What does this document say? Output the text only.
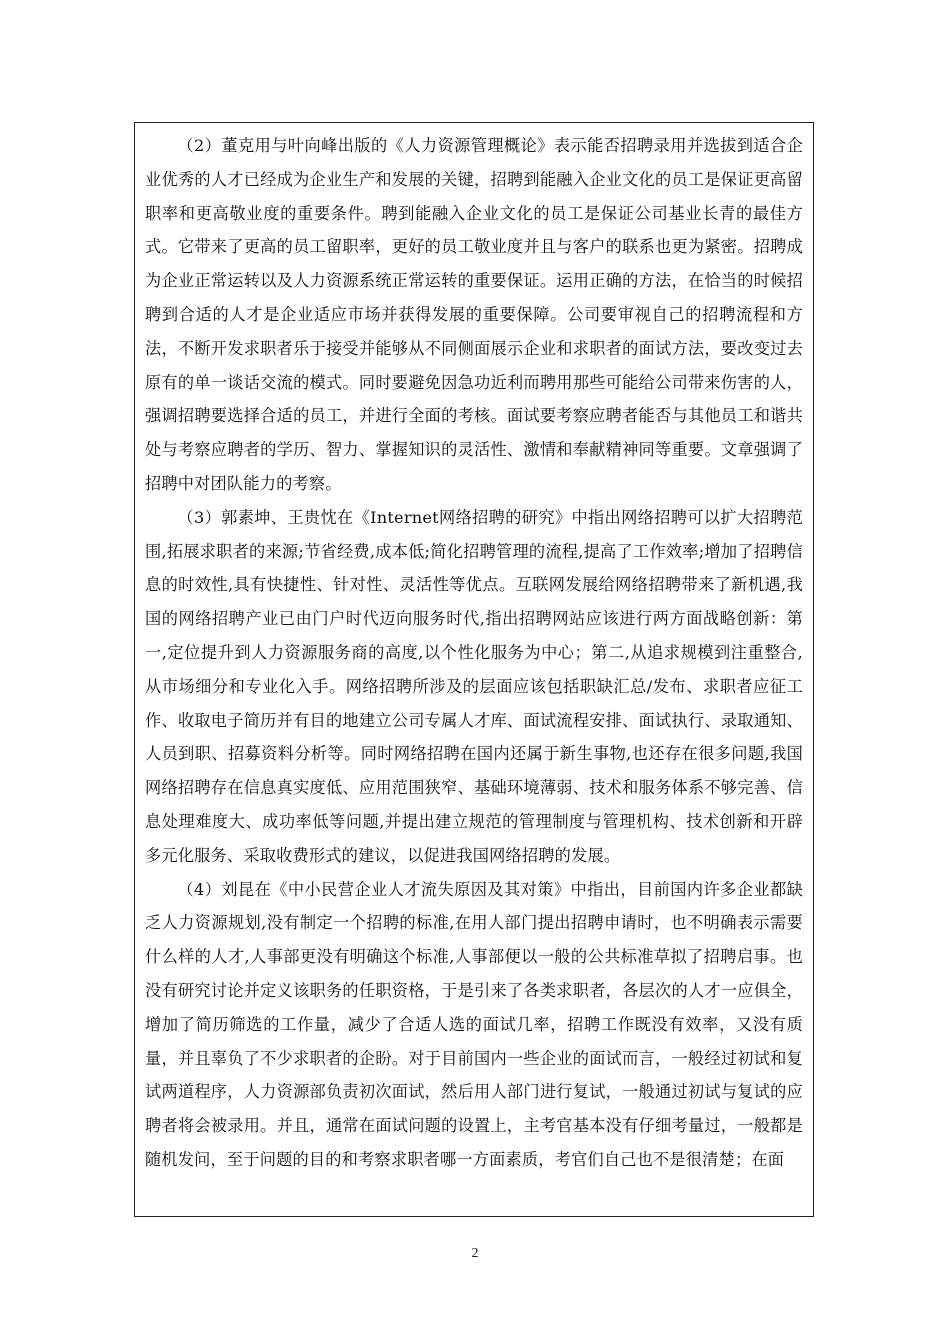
（2）董克用与叶向峰出版的《人力资源管理概论》表示能否招聘录用并选拔到适合企业优秀的人才已经成为企业生产和发展的关键，招聘到能融入企业文化的员工是保证更高留职率和更高敬业度的重要条件。聘到能融入企业文化的员工是保证公司基业长青的最佳方式。它带来了更高的员工留职率，更好的员工敬业度并且与客户的联系也更为紧密。招聘成为企业正常运转以及人力资源系统正常运转的重要保证。运用正确的方法，在恰当的时候招聘到合适的人才是企业适应市场并获得发展的重要保障。公司要审视自己的招聘流程和方法，不断开发求职者乐于接受并能够从不同侧面展示企业和求职者的面试方法，要改变过去原有的单一谈话交流的模式。同时要避免因急功近利而聘用那些可能给公司带来伤害的人，强调招聘要选择合适的员工，并进行全面的考核。面试要考察应聘者能否与其他员工和谐共处与考察应聘者的学历、智力、掌握知识的灵活性、激情和奉献精神同等重要。文章强调了招聘中对团队能力的考察。

（3）郭素坤、王贵忱在《Internet网络招聘的研究》中指出网络招聘可以扩大招聘范围,拓展求职者的来源;节省经费,成本低;简化招聘管理的流程,提高了工作效率;增加了招聘信息的时效性,具有快捷性、针对性、灵活性等优点。互联网发展给网络招聘带来了新机遇,我国的网络招聘产业已由门户时代迈向服务时代,指出招聘网站应该进行两方面战略创新：第一,定位提升到人力资源服务商的高度,以个性化服务为中心；第二,从追求规模到注重整合,从市场细分和专业化入手。网络招聘所涉及的层面应该包括职缺汇总/发布、求职者应征工作、收取电子简历并有目的地建立公司专属人才库、面试流程安排、面试执行、录取通知、人员到职、招募资料分析等。同时网络招聘在国内还属于新生事物,也还存在很多问题,我国网络招聘存在信息真实度低、应用范围狭窄、基础环境薄弱、技术和服务体系不够完善、信息处理难度大、成功率低等问题,并提出建立规范的管理制度与管理机构、技术创新和开辟多元化服务、采取收费形式的建议，以促进我国网络招聘的发展。

（4）刘昆在《中小民营企业人才流失原因及其对策》中指出，目前国内许多企业都缺乏人力资源规划,没有制定一个招聘的标准,在用人部门提出招聘申请时，也不明确表示需要什么样的人才,人事部更没有明确这个标准,人事部便以一般的公共标准草拟了招聘启事。也没有研究讨论并定义该职务的任职资格，于是引来了各类求职者，各层次的人才一应俱全，增加了简历筛选的工作量，减少了合适人选的面试几率，招聘工作既没有效率，又没有质量，并且辜负了不少求职者的企盼。对于目前国内一些企业的面试而言，一般经过初试和复试两道程序，人力资源部负责初次面试，然后用人部门进行复试，一般通过初试与复试的应聘者将会被录用。并且，通常在面试问题的设置上，主考官基本没有仔细考量过，一般都是随机发问，至于问题的目的和考察求职者哪一方面素质，考官们自己也不是很清楚；在面

2
